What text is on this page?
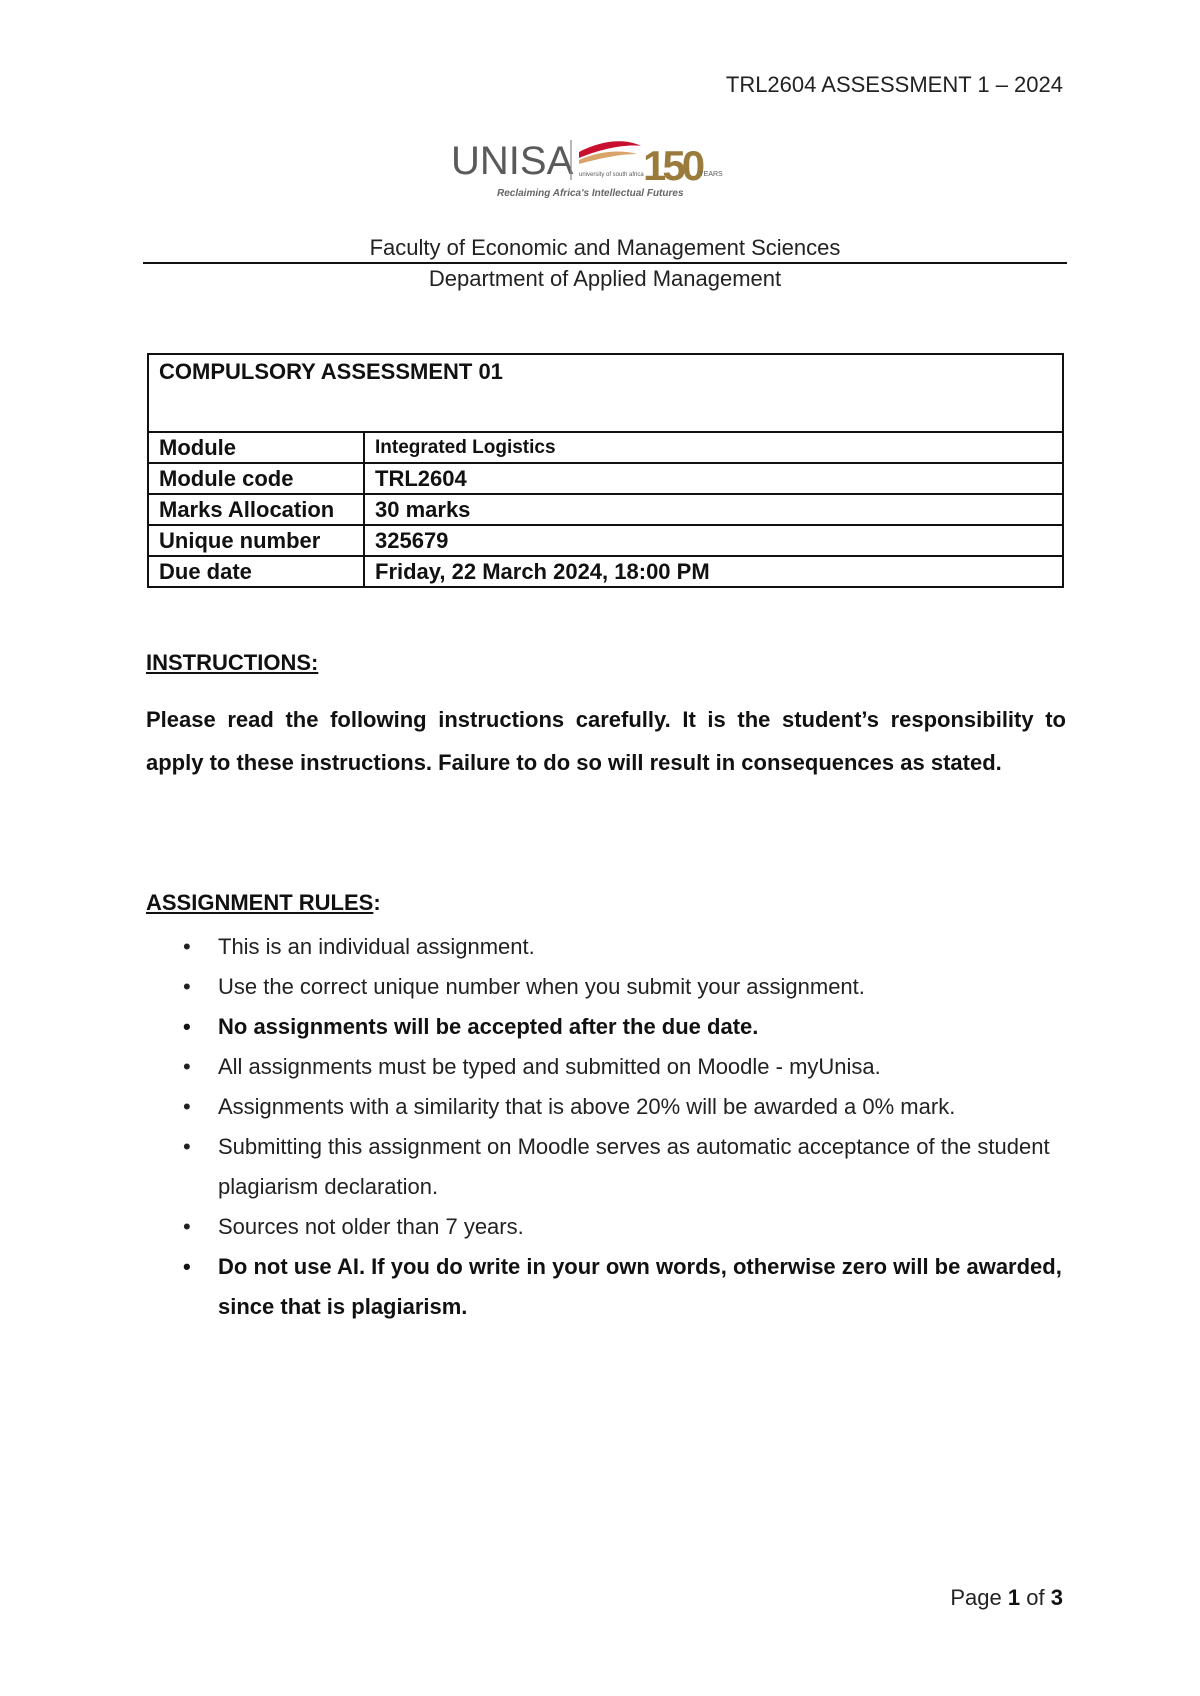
TRL2604 ASSESSMENT 1 – 2024
UNISA university of south africa 150
YEARS
Reclaiming Africa's Intellectual Futures
Faculty of Economic and Management Sciences
Department of Applied Management
COMPULSORY ASSESSMENT 01	
Module	Integrated Logistics
Module code	TRL2604
Marks Allocation	30 marks
Unique number	325679
Due date	Friday, 22 March 2024, 18:00 PM
INSTRUCTIONS:
Please read the following instructions carefully. It is the student’s responsibility to apply to these instructions. Failure to do so will result in consequences as stated.
ASSIGNMENT RULES:
• This is an individual assignment.
• Use the correct unique number when you submit your assignment.
• No assignments will be accepted after the due date.
• All assignments must be typed and submitted on Moodle - myUnisa.
• Assignments with a similarity that is above 20% will be awarded a 0% mark.
• Submitting this assignment on Moodle serves as automatic acceptance of the student plagiarism declaration.
• Sources not older than 7 years.
• Do not use AI. If you do write in your own words, otherwise zero will be awarded, since that is plagiarism.
Page 1 of 3
